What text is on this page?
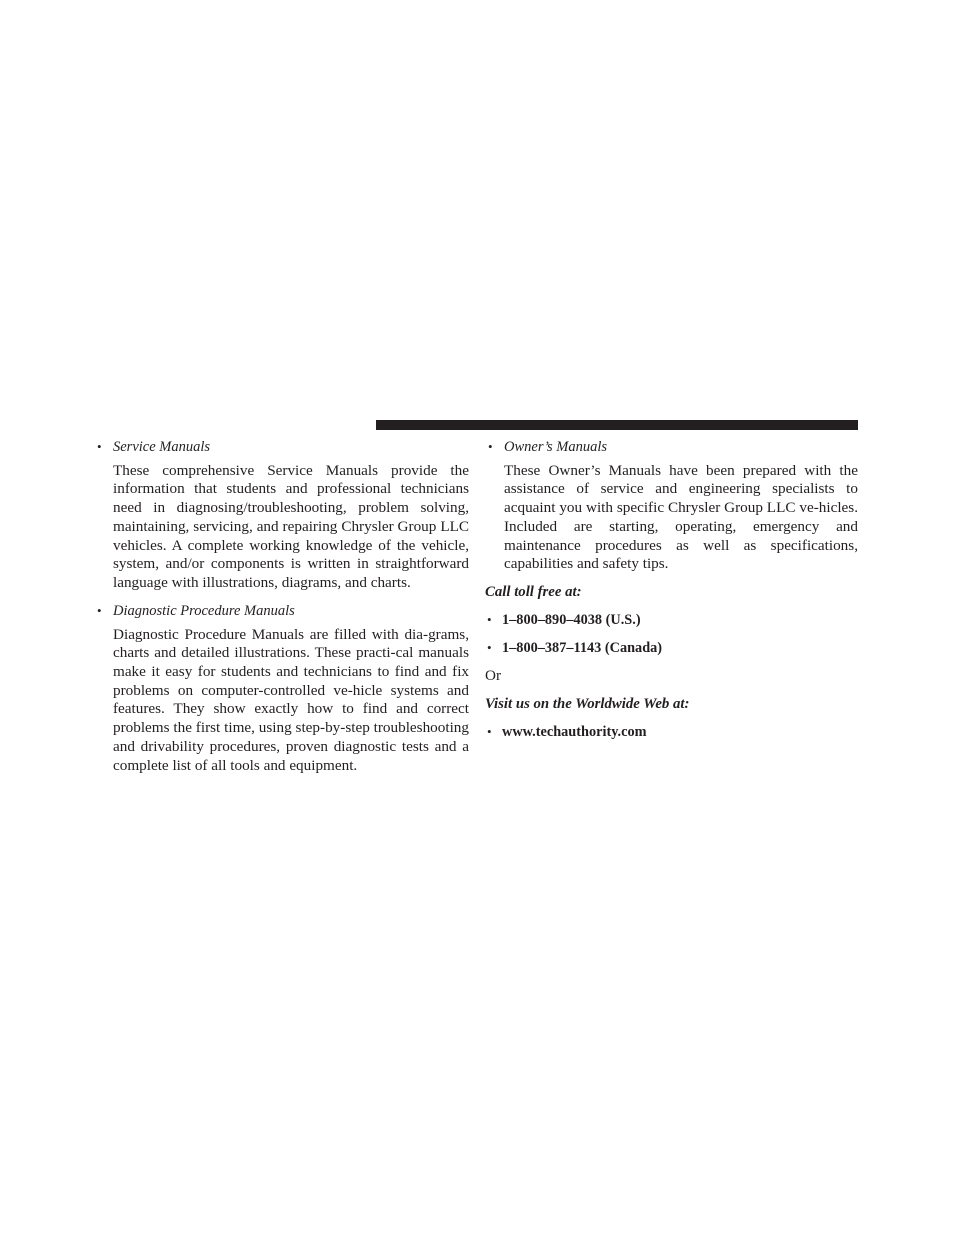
• Service Manuals
These comprehensive Service Manuals provide the information that students and professional technicians need in diagnosing/troubleshooting, problem solving, maintaining, servicing, and repairing Chrysler Group LLC vehicles. A complete working knowledge of the vehicle, system, and/or components is written in straightforward language with illustrations, diagrams, and charts.
• Diagnostic Procedure Manuals
Diagnostic Procedure Manuals are filled with dia-grams, charts and detailed illustrations. These practi-cal manuals make it easy for students and technicians to find and fix problems on computer-controlled ve-hicle systems and features. They show exactly how to find and correct problems the first time, using step-by-step troubleshooting and drivability procedures, proven diagnostic tests and a complete list of all tools and equipment.
• Owner’s Manuals
These Owner’s Manuals have been prepared with the assistance of service and engineering specialists to acquaint you with specific Chrysler Group LLC ve-hicles. Included are starting, operating, emergency and maintenance procedures as well as specifications, capabilities and safety tips.
Call toll free at:
• 1–800–890–4038 (U.S.)
• 1–800–387–1143 (Canada)
Or
Visit us on the Worldwide Web at:
• www.techauthority.com
